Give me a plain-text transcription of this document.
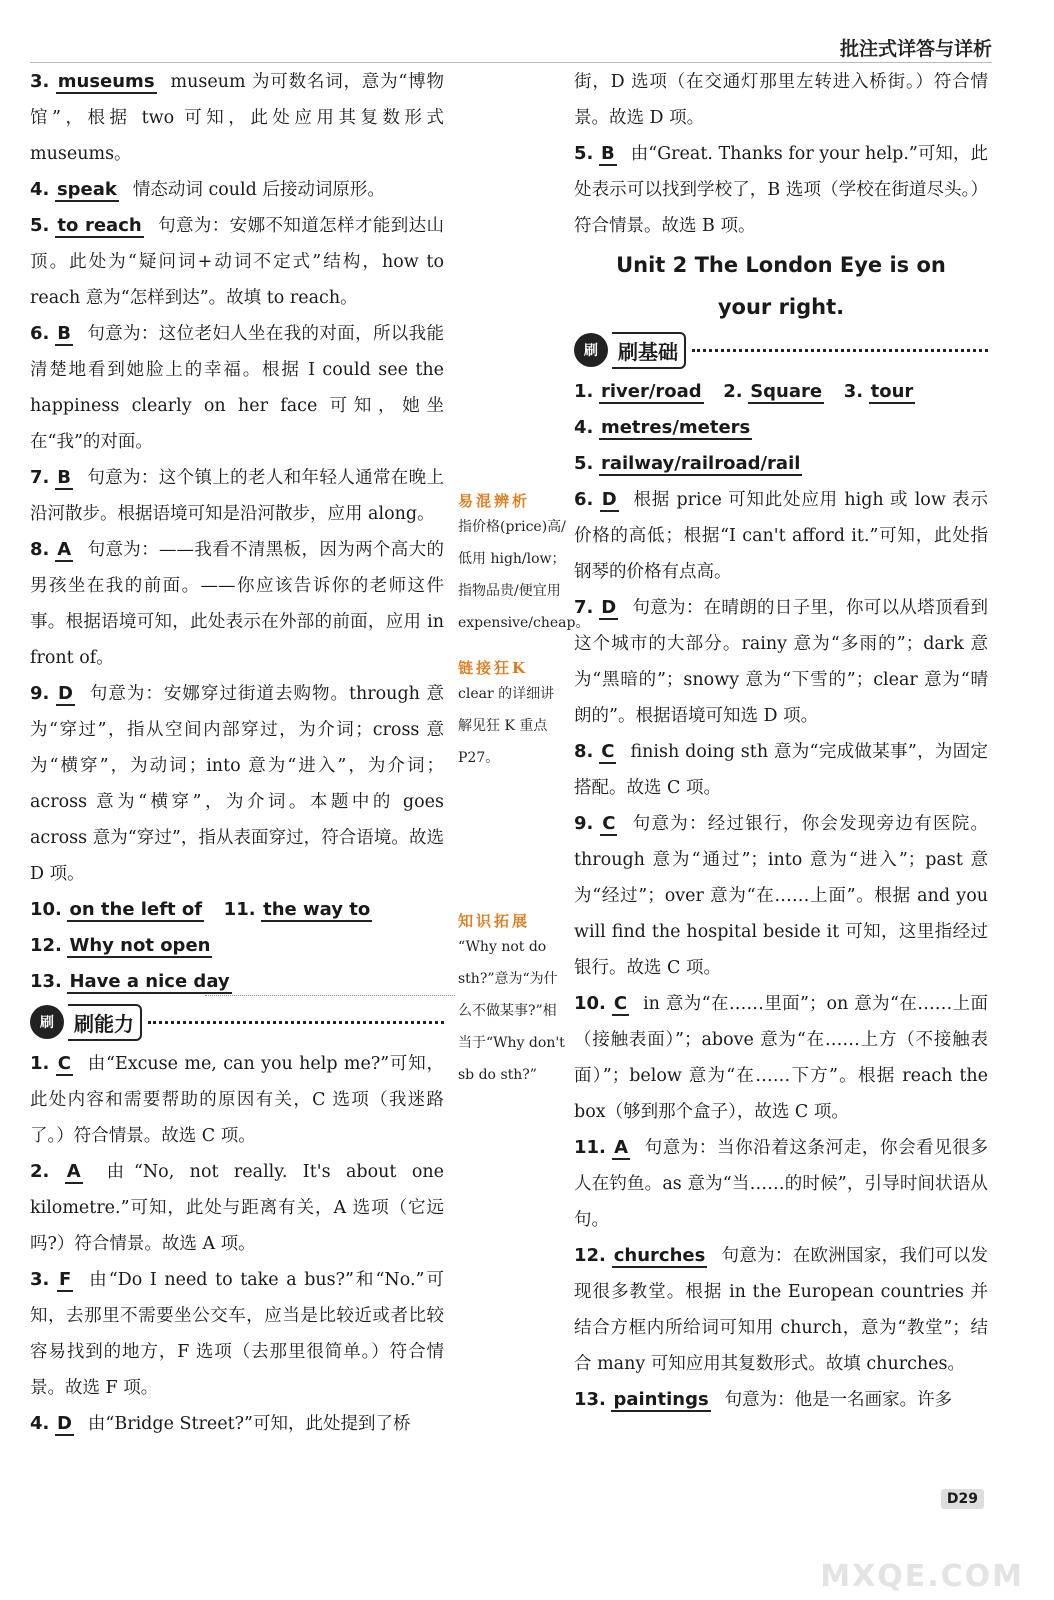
批注式详答与详析

3. museums museum 为可数名词，意为“博物馆”，根据 two 可知，此处应用其复数形式 museums。

4. speak 情态动词 could 后接动词原形。

5. to reach 句意为：安娜不知道怎样才能到达山顶。此处为“疑问词+动词不定式”结构，how to reach 意为“怎样到达”。故填 to reach。

6. B 句意为：这位老妇人坐在我的对面，所以我能清楚地看到她脸上的幸福。根据 I could see the happiness clearly on her face 可知，她坐在“我”的对面。

7. B 句意为：这个镇上的老人和年轻人通常在晚上沿河散步。根据语境可知是沿河散步，应用 along。

8. A 句意为：——我看不清黑板，因为两个高大的男孩坐在我的前面。——你应该告诉你的老师这件事。根据语境可知，此处表示在外部的前面，应用 in front of。

9. D 句意为：安娜穿过街道去购物。through 意为“穿过”，指从空间内部穿过，为介词；cross 意为“横穿”，为动词；into 意为“进入”，为介词；across 意为“横穿”，为介词。本题中的 goes across 意为“穿过”，指从表面穿过，符合语境。故选 D 项。

10. on the left of 11. the way to

12. Why not open

13. Have a nice day

刷	刷能力

1. C 由“Excuse me, can you help me?”可知，此处内容和需要帮助的原因有关，C 选项（我迷路了。）符合情景。故选 C 项。

2. A 由“No, not really. It's about one kilometre.”可知，此处与距离有关，A 选项（它远吗?）符合情景。故选 A 项。

3. F 由“Do I need to take a bus?”和“No.”可知，去那里不需要坐公交车，应当是比较近或者比较容易找到的地方，F 选项（去那里很简单。）符合情景。故选 F 项。

4. D 由“Bridge Street?”可知，此处提到了桥

易混辨析

指价格(price)高/低用 high/low；指物品贵/便宜用 expensive/cheap。

链接狂K

clear 的详细讲解见狂 K 重点 P27。

知识拓展

“Why not do sth?”意为“为什么不做某事?”相当于“Why don't sb do sth?”

街，D 选项（在交通灯那里左转进入桥街。）符合情景。故选 D 项。

5. B 由“Great. Thanks for your help.”可知，此处表示可以找到学校了，B 选项（学校在街道尽头。）符合情景。故选 B 项。

Unit 2 The London Eye is on

your right.

刷	刷基础

1. river/road 2. Square 3. tour

4. metres/meters

5. railway/railroad/rail

6. D 根据 price 可知此处应用 high 或 low 表示价格的高低；根据“I can't afford it.”可知，此处指钢琴的价格有点高。

7. D 句意为：在晴朗的日子里，你可以从塔顶看到这个城市的大部分。rainy 意为“多雨的”；dark 意为“黑暗的”；snowy 意为“下雪的”；clear 意为“晴朗的”。根据语境可知选 D 项。

8. C finish doing sth 意为“完成做某事”，为固定搭配。故选 C 项。

9. C 句意为：经过银行，你会发现旁边有医院。through 意为“通过”；into 意为“进入”；past 意为“经过”；over 意为“在……上面”。根据 and you will find the hospital beside it 可知，这里指经过银行。故选 C 项。

10. C in 意为“在……里面”；on 意为“在……上面（接触表面）”；above 意为“在……上方（不接触表面）”；below 意为“在……下方”。根据 reach the box（够到那个盒子），故选 C 项。

11. A 句意为：当你沿着这条河走，你会看见很多人在钓鱼。as 意为“当……的时候”，引导时间状语从句。

12. churches 句意为：在欧洲国家，我们可以发现很多教堂。根据 in the European countries 并结合方框内所给词可知用 church，意为“教堂”；结合 many 可知应用其复数形式。故填 churches。

13. paintings 句意为：他是一名画家。许多

D29
MXQE.COM
